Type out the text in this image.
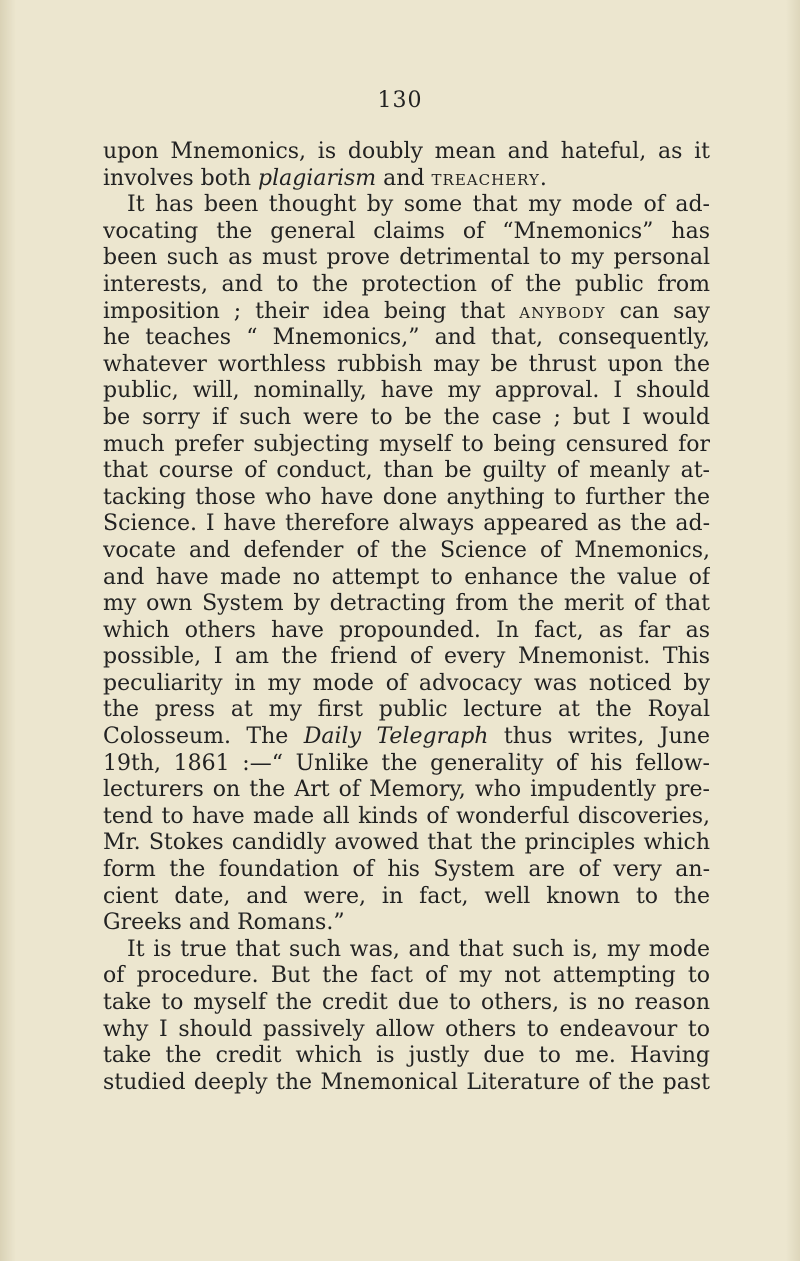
130
upon Mnemonics, is doubly mean and hateful, as it
involves both plagiarism and treachery.
It has been thought by some that my mode of ad-
vocating the general claims of “Mnemonics” has
been such as must prove detrimental to my personal
interests, and to the protection of the public from
imposition ; their idea being that anybody can say
he teaches “ Mnemonics,” and that, consequently,
whatever worthless rubbish may be thrust upon the
public, will, nominally, have my approval. I should
be sorry if such were to be the case ; but I would
much prefer subjecting myself to being censured for
that course of conduct, than be guilty of meanly at-
tacking those who have done anything to further the
Science. I have therefore always appeared as the ad-
vocate and defender of the Science of Mnemonics,
and have made no attempt to enhance the value of
my own System by detracting from the merit of that
which others have propounded. In fact, as far as
possible, I am the friend of every Mnemonist. This
peculiarity in my mode of advocacy was noticed by
the press at my first public lecture at the Royal
Colosseum. The Daily Telegraph thus writes, June
19th, 1861 :—“ Unlike the generality of his fellow-
lecturers on the Art of Memory, who impudently pre-
tend to have made all kinds of wonderful discoveries,
Mr. Stokes candidly avowed that the principles which
form the foundation of his System are of very an-
cient date, and were, in fact, well known to the
Greeks and Romans.”
It is true that such was, and that such is, my mode
of procedure. But the fact of my not attempting to
take to myself the credit due to others, is no reason
why I should passively allow others to endeavour to
take the credit which is justly due to me. Having
studied deeply the Mnemonical Literature of the past
